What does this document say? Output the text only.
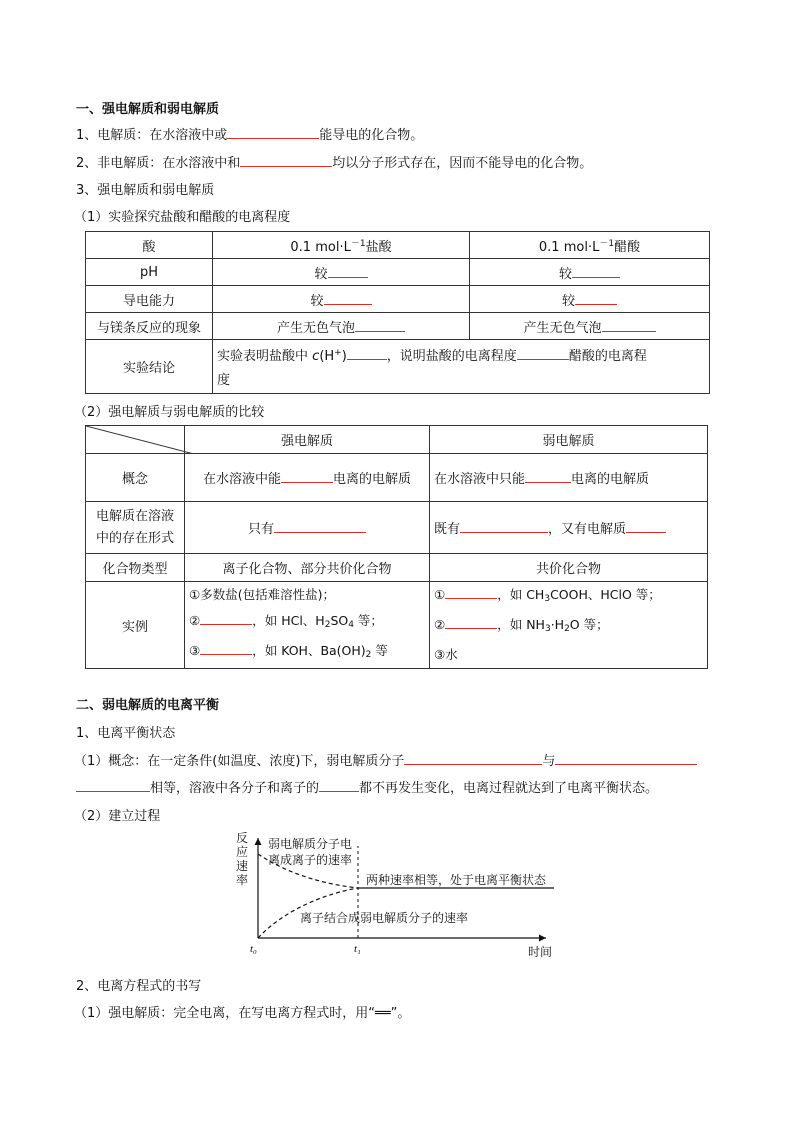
一、强电解质和弱电解质
1、电解质：在水溶液中或	能导电的化合物。
2、非电解质：在水溶液中和	均以分子形式存在，因而不能导电的化合物。
3、强电解质和弱电解质
（1）实验探究盐酸和醋酸的电离程度
酸	0.1 $mol\cdot L^{-1}$盐酸	0.1 $mol\cdot L^{-1}$醋酸
pH	较	较
导电能力	较	较
与镁条反应的现象	产生无色气泡	产生无色气泡
实验结论	实验表明盐酸中 c(H+) ，说明盐酸的电离程度 醋酸的电离程
度	
（2）强电解质与弱电解质的比较
	强电解质	弱电解质
概念	在水溶液中能 电离的电解质	在水溶液中只能 电离的电解质
电解质在溶液
中的存在形式	只有	既有 ，又有电解质
化合物类型	离子化合物、部分共价化合物	共价化合物
实例	①多数盐(包括难溶性盐)；
② ，如 HCl、$H_2SO_4$ 等；
③ ，如 KOH、$Ba(OH)_2$ 等	① ，如 $CH_3COOH$、HClO 等；
② ，如 $NH_3\cdot H_2O$ 等；
③水
二、弱电解质的电离平衡
1、电离平衡状态
（1）概念：在一定条件(如温度、浓度)下，弱电解质分子	与
相等，溶液中各分子和离子的	都不再发生变化，电离过程就达到了电离平衡状态。
（2）建立过程
反 应 速 率
弱电解质分子电
离成离子的速率
两种速率相等，处于电离平衡状态
离子结合成弱电解质分子的速率
t₀	t₁	时间
2、电离方程式的书写
（1）强电解质：完全电离，在写电离方程式时，用“══”。
